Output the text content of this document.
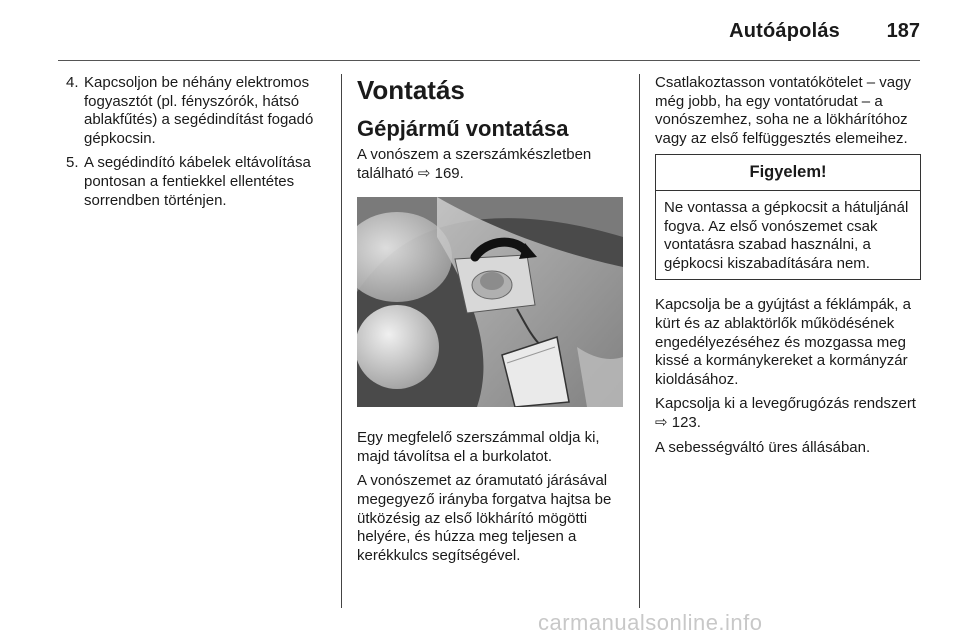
Autóápolás 187
4. Kapcsoljon be néhány elektromos fogyasztót (pl. fényszórók, hátsó ablakfűtés) a segédindítást fogadó gépkocsin.
5. A segédindító kábelek eltávolítása pontosan a fentiekkel ellentétes sorrendben történjen.
Vontatás
Gépjármű vontatása

A vonószem a szerszámkészletben található ⇨ 169.

Egy megfelelő szerszámmal oldja ki, majd távolítsa el a burkolatot.

A vonószemet az óramutató járásával megegyező irányba forgatva hajtsa be ütközésig az első lökhárító mögötti helyére, és húzza meg teljesen a kerékkulcs segítségével.

Csatlakoztasson vontatókötelet – vagy még jobb, ha egy vontatórudat – a vonószemhez, soha ne a lökhárítóhoz vagy az első felfüggesztés elemeihez.

Figyelem!
Ne vontassa a gépkocsit a hátuljánál fogva. Az első vonószemet csak vontatásra szabad használni, a gépkocsi kiszabadítására nem.

Kapcsolja be a gyújtást a féklámpák, a kürt és az ablaktörlők működésének engedélyezéséhez és mozgassa meg kissé a kormánykereket a kormányzár kioldásához.

Kapcsolja ki a levegőrugózás rendszert ⇨ 123.

A sebességváltó üres állásában.

carmanualsonline.info
